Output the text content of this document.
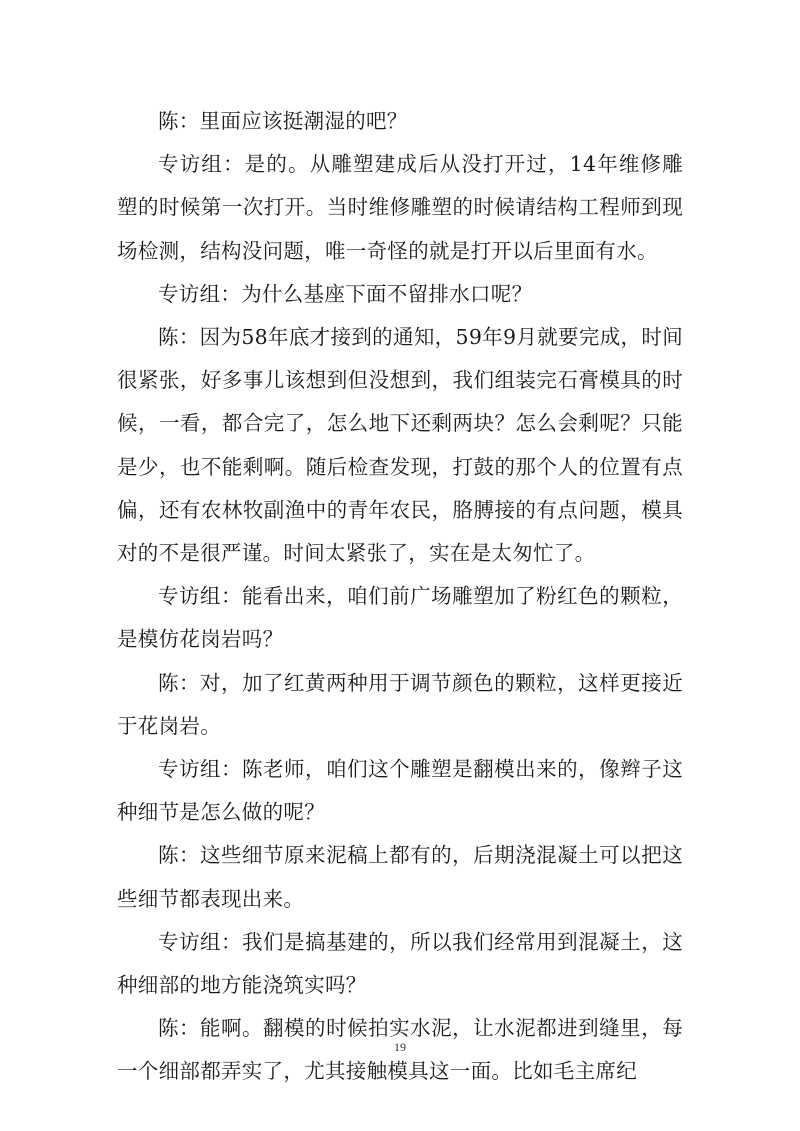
陈：里面应该挺潮湿的吧？

专访组：是的。从雕塑建成后从没打开过，14年维修雕塑的时候第一次打开。当时维修雕塑的时候请结构工程师到现场检测，结构没问题，唯一奇怪的就是打开以后里面有水。

专访组：为什么基座下面不留排水口呢？

陈：因为58年底才接到的通知，59年9月就要完成，时间很紧张，好多事儿该想到但没想到，我们组装完石膏模具的时候，一看，都合完了，怎么地下还剩两块？怎么会剩呢？只能是少，也不能剩啊。随后检查发现，打鼓的那个人的位置有点偏，还有农林牧副渔中的青年农民，胳膊接的有点问题，模具对的不是很严谨。时间太紧张了，实在是太匆忙了。

专访组：能看出来，咱们前广场雕塑加了粉红色的颗粒，是模仿花岗岩吗？

陈：对，加了红黄两种用于调节颜色的颗粒，这样更接近于花岗岩。

专访组：陈老师，咱们这个雕塑是翻模出来的，像辫子这种细节是怎么做的呢？

陈：这些细节原来泥稿上都有的，后期浇混凝土可以把这些细节都表现出来。

专访组：我们是搞基建的，所以我们经常用到混凝土，这种细部的地方能浇筑实吗？

陈：能啊。翻模的时候拍实水泥，让水泥都进到缝里，每一个细部都弄实了，尤其接触模具这一面。比如毛主席纪

19
